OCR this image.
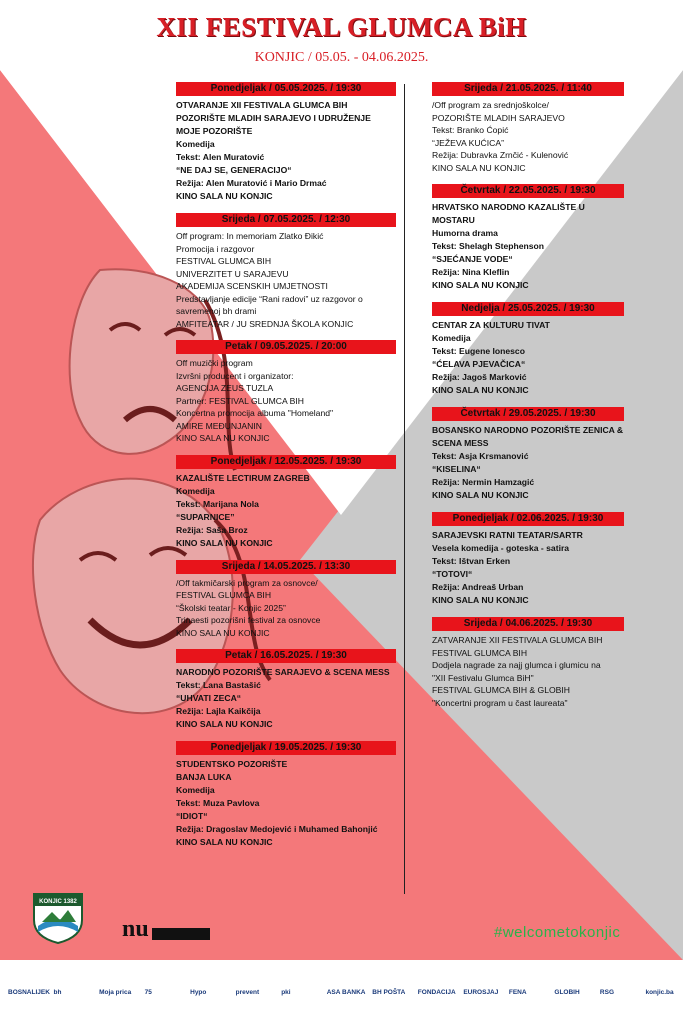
XII FESTIVAL GLUMCA BiH
KONJIC / 05.05. - 04.06.2025.
Ponedjeljak / 05.05.2025. / 19:30
OTVARANJE XII FESTIVALA GLUMCA BIH
POZORIŠTE MLADIH SARAJEVO I UDRUŽENJE MOJE POZORIŠTE
Komedija
Tekst: Alen Muratović
“NE DAJ SE, GENERACIJO“
Režija: Alen Muratović i Mario Drmać
KINO SALA NU KONJIC
Srijeda / 07.05.2025. / 12:30
Off program: In memoriam Zlatko Đikić
Promocija i razgovor
FESTIVAL GLUMCA BIH
UNIVERZITET U SARAJEVU
AKADEMIJA SCENSKIH UMJETNOSTI
Predstavljanje edicije “Rani radovi” uz razgovor o savremenoj bh drami
AMFITEATAR / JU SREDNJA ŠKOLA KONJIC
Petak / 09.05.2025. / 20:00
Off muzički program
Izvršni producent i organizator:
AGENCIJA ZEUS TUZLA
Partner: FESTIVAL GLUMCA BIH
Koncertna promocija albuma "Homeland"
AMIRE MEĐUNJANIN
KINO SALA NU KONJIC
Ponedjeljak / 12.05.2025. / 19:30
KAZALIŠTE LECTIRUM ZAGREB
Komedija
Tekst: Marijana Nola
“SUPARNICE”
Režija: Saša Broz
KINO SALA NU KONJIC
Srijeda / 14.05.2025. / 13:30
/Off takmičarski program za osnovce/
FESTIVAL GLUMCA BIH
“Školski teatar - Konjic 2025”
Trinaesti pozorišni festival za osnovce
KINO SALA NU KONJIC
Petak / 16.05.2025. / 19:30
NARODNO POZORIŠTE SARAJEVO & SCENA MESS
Tekst: Lana Bastašić
“UHVATI ZECA“
Režija: Lajla Kaikčija
KINO SALA NU KONJIC
Ponedjeljak / 19.05.2025. / 19:30
STUDENTSKO POZORIŠTE
BANJA LUKA
Komedija
Tekst: Muza Pavlova
“IDIOT“
Režija: Dragoslav Medojević i Muhamed Bahonjić
KINO SALA NU KONJIC
Srijeda / 21.05.2025. / 11:40
/Off program za srednjoškolce/
POZORIŠTE MLADIH SARAJEVO
Tekst: Branko Ćopić
“JEŽEVA KUĆICA”
Režija: Dubravka Zrnčić - Kulenović
KINO SALA NU KONJIC
Četvrtak / 22.05.2025. / 19:30
HRVATSKO NARODNO KAZALIŠTE U MOSTARU
Humorna drama
Tekst: Shelagh Stephenson
“SJEĆANJE VODE“
Režija: Nina Kleflin
KINO SALA NU KONJIC
Nedjelja / 25.05.2025. / 19:30
CENTAR ZA KULTURU TIVAT
Komedija
Tekst: Eugene Ionesco
“ĆELAVA PJEVAČICA“
Režija: Jagoš Marković
KINO SALA NU KONJIC
Četvrtak / 29.05.2025. / 19:30
BOSANSKO NARODNO POZORIŠTE ZENICA & SCENA MESS
Tekst: Asja Krsmanović
“KISELINA“
Režija: Nermin Hamzagić
KINO SALA NU KONJIC
Ponedjeljak / 02.06.2025. / 19:30
SARAJEVSKI RATNI TEATAR/SARTR
Vesela komedija - goteska - satira
Tekst: Ištvan Erken
“TOTOVI“
Režija: Andreaš Urban
KINO SALA NU KONJIC
Srijeda / 04.06.2025. / 19:30
ZATVARANJE XII FESTIVALA GLUMCA BIH
FESTIVAL GLUMCA BIH
Dodjela nagrade za najj glumca i glumicu na
"XII Festivalu Glumca BiH"
FESTIVAL GLUMCA BIH & GLOBIH
"Koncertni program u čast laureata"
KONJIC 1382
nu	#welcometokonjic
BOSNALIJEK bh	Moja prica 75	Hypo	prevent	pki	ASA BANKA BH POŠTA FONDACIJA EUROSJAJ FENA	GLOBIH	RSG	konjic.ba
